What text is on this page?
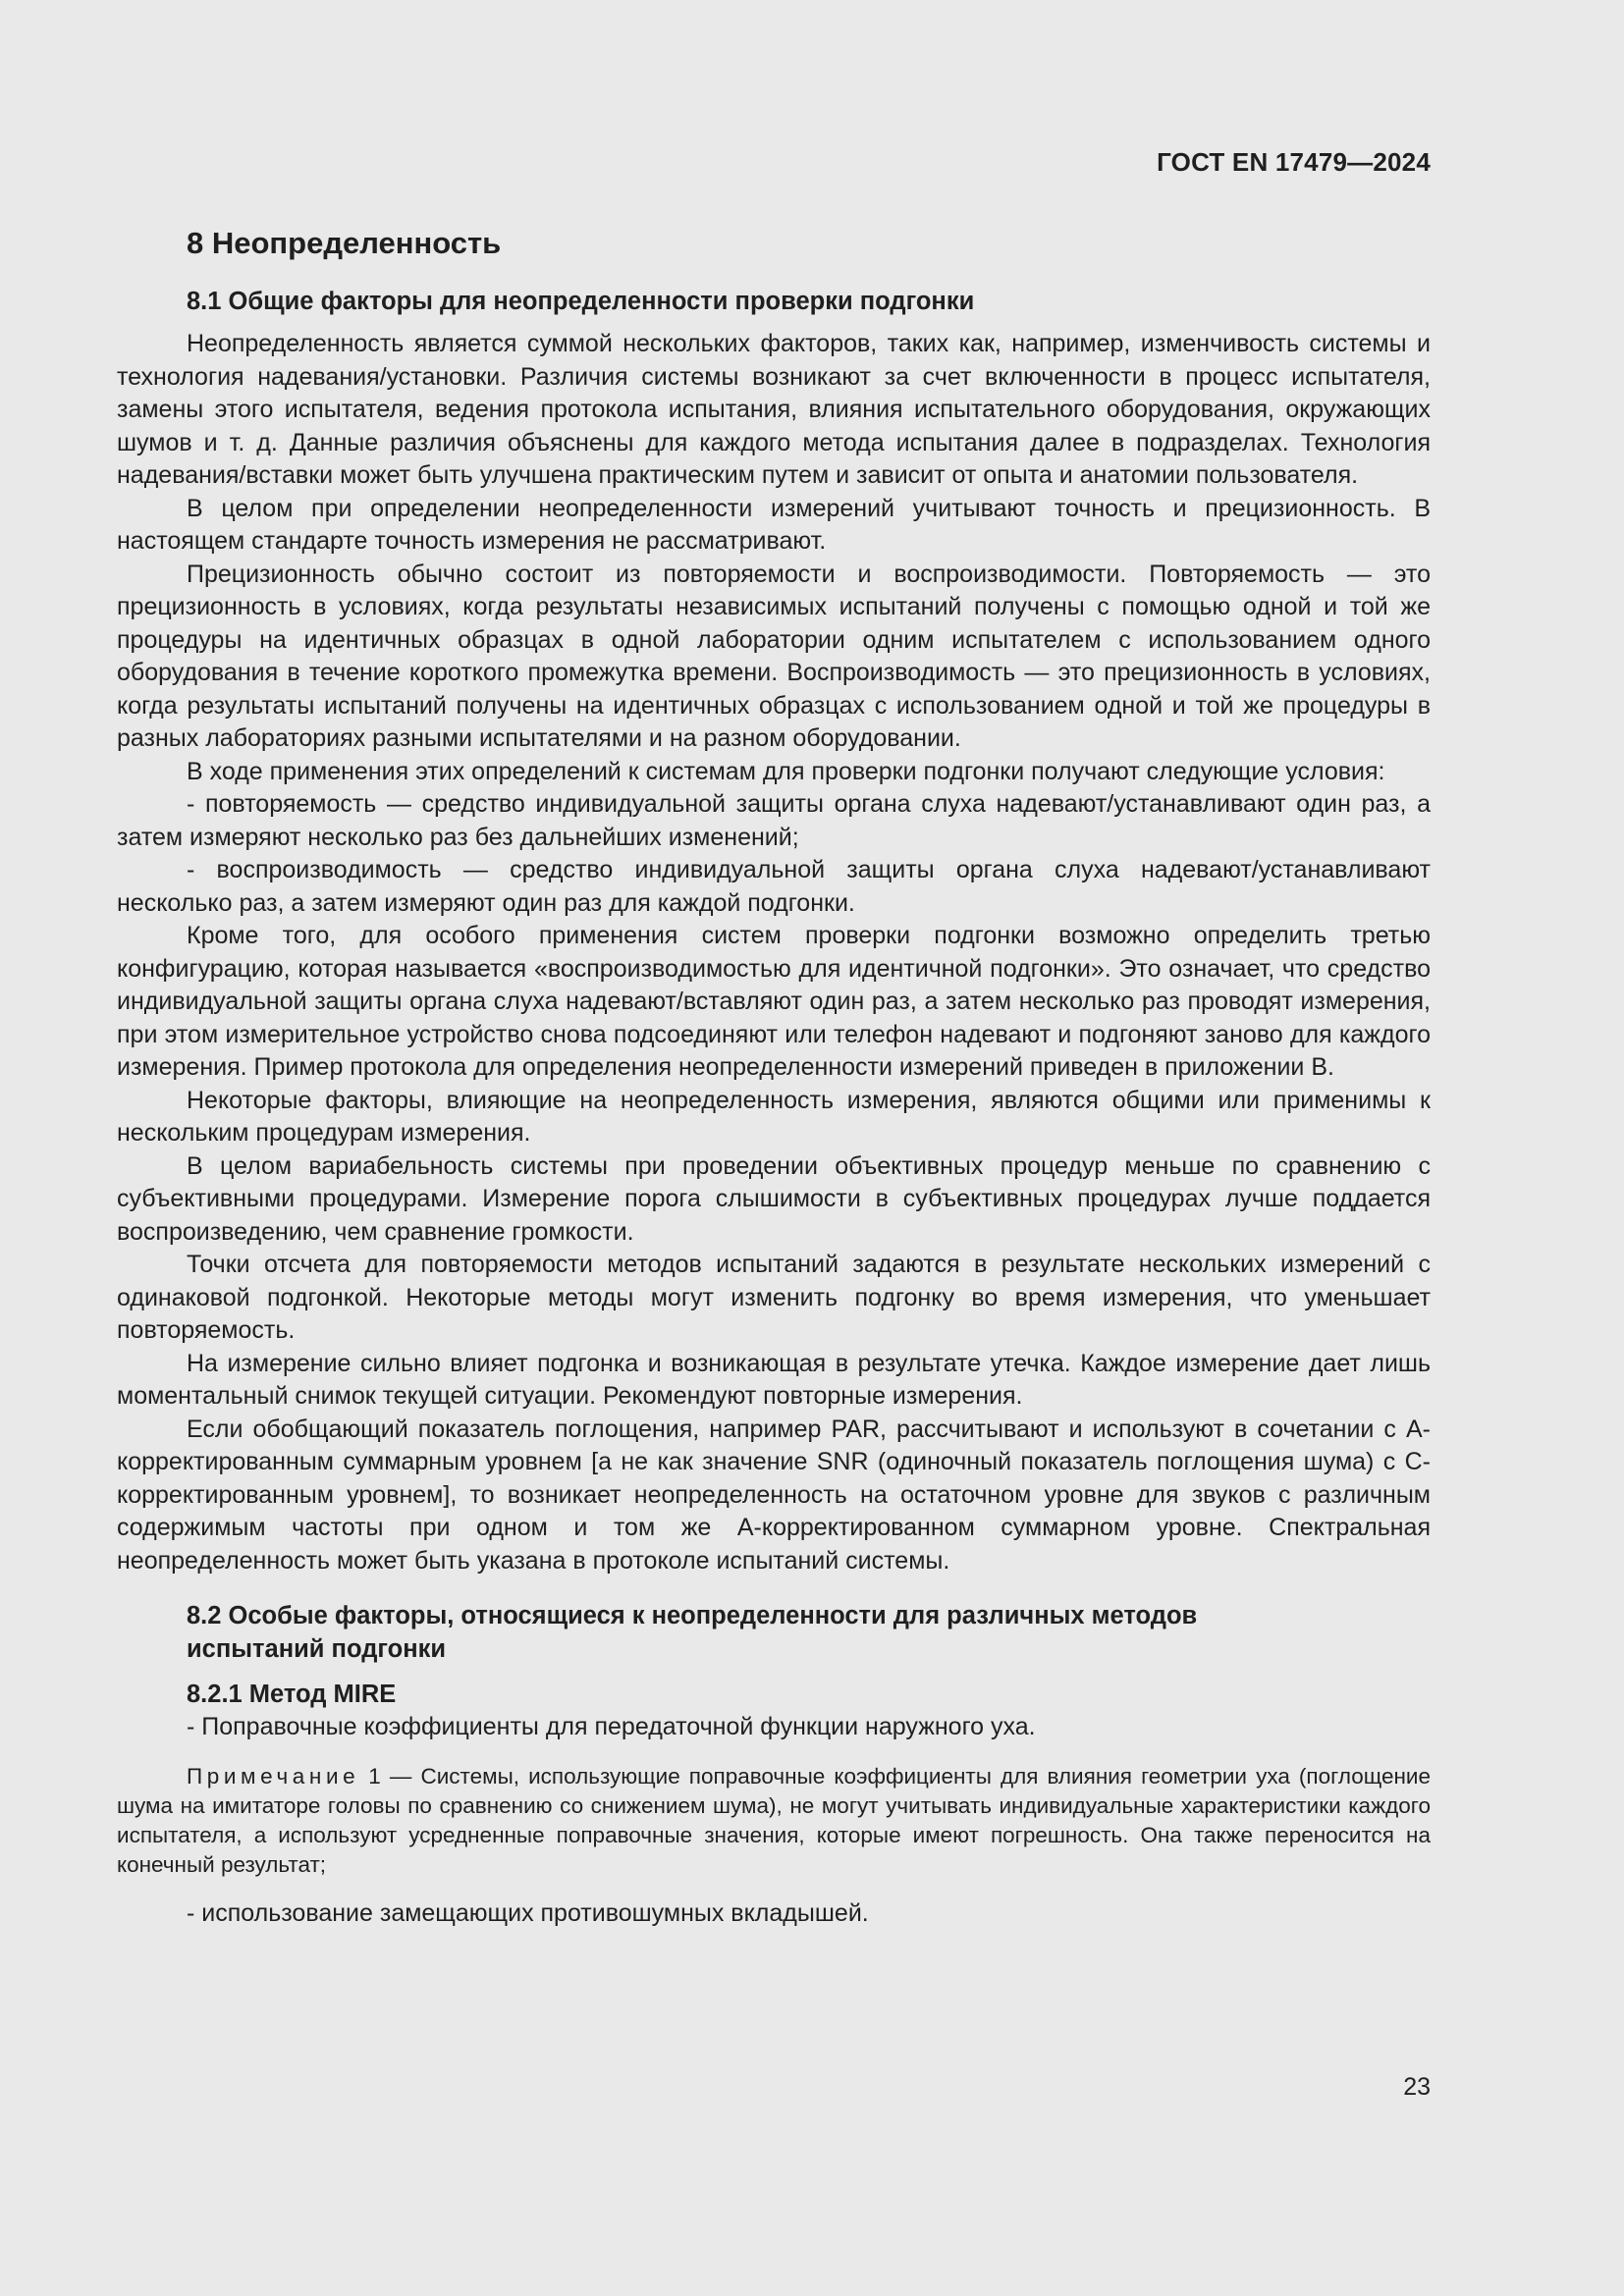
ГОСТ EN 17479—2024
8 Неопределенность
8.1 Общие факторы для неопределенности проверки подгонки

Неопределенность является суммой нескольких факторов, таких как, например, изменчивость системы и технология надевания/установки. Различия системы возникают за счет включенности в процесс испытателя, замены этого испытателя, ведения протокола испытания, влияния испытательного оборудования, окружающих шумов и т. д. Данные различия объяснены для каждого метода испытания далее в подразделах. Технология надевания/вставки может быть улучшена практическим путем и зависит от опыта и анатомии пользователя.

В целом при определении неопределенности измерений учитывают точность и прецизионность. В настоящем стандарте точность измерения не рассматривают.

Прецизионность обычно состоит из повторяемости и воспроизводимости. Повторяемость — это прецизионность в условиях, когда результаты независимых испытаний получены с помощью одной и той же процедуры на идентичных образцах в одной лаборатории одним испытателем с использованием одного оборудования в течение короткого промежутка времени. Воспроизводимость — это прецизионность в условиях, когда результаты испытаний получены на идентичных образцах с использованием одной и той же процедуры в разных лабораториях разными испытателями и на разном оборудовании.

В ходе применения этих определений к системам для проверки подгонки получают следующие условия:

- повторяемость — средство индивидуальной защиты органа слуха надевают/устанавливают один раз, а затем измеряют несколько раз без дальнейших изменений;

- воспроизводимость — средство индивидуальной защиты органа слуха надевают/устанавливают несколько раз, а затем измеряют один раз для каждой подгонки.

Кроме того, для особого применения систем проверки подгонки возможно определить третью конфигурацию, которая называется «воспроизводимостью для идентичной подгонки». Это означает, что средство индивидуальной защиты органа слуха надевают/вставляют один раз, а затем несколько раз проводят измерения, при этом измерительное устройство снова подсоединяют или телефон надевают и подгоняют заново для каждого измерения. Пример протокола для определения неопределенности измерений приведен в приложении В.

Некоторые факторы, влияющие на неопределенность измерения, являются общими или применимы к нескольким процедурам измерения.

В целом вариабельность системы при проведении объективных процедур меньше по сравнению с субъективными процедурами. Измерение порога слышимости в субъективных процедурах лучше поддается воспроизведению, чем сравнение громкости.

Точки отсчета для повторяемости методов испытаний задаются в результате нескольких измерений с одинаковой подгонкой. Некоторые методы могут изменить подгонку во время измерения, что уменьшает повторяемость.

На измерение сильно влияет подгонка и возникающая в результате утечка. Каждое измерение дает лишь моментальный снимок текущей ситуации. Рекомендуют повторные измерения.

Если обобщающий показатель поглощения, например PAR, рассчитывают и используют в сочетании с А-корректированным суммарным уровнем [а не как значение SNR (одиночный показатель поглощения шума) с С-корректированным уровнем], то возникает неопределенность на остаточном уровне для звуков с различным содержимым частоты при одном и том же А-корректированном суммарном уровне. Спектральная неопределенность может быть указана в протоколе испытаний системы.

8.2 Особые факторы, относящиеся к неопределенности для различных методов
испытаний подгонки
8.2.1 Метод MIRE

- Поправочные коэффициенты для передаточной функции наружного уха.

Примечание 1 — Системы, использующие поправочные коэффициенты для влияния геометрии уха (поглощение шума на имитаторе головы по сравнению со снижением шума), не могут учитывать индивидуальные характеристики каждого испытателя, а используют усредненные поправочные значения, которые имеют погрешность. Она также переносится на конечный результат;

- использование замещающих противошумных вкладышей.

23
